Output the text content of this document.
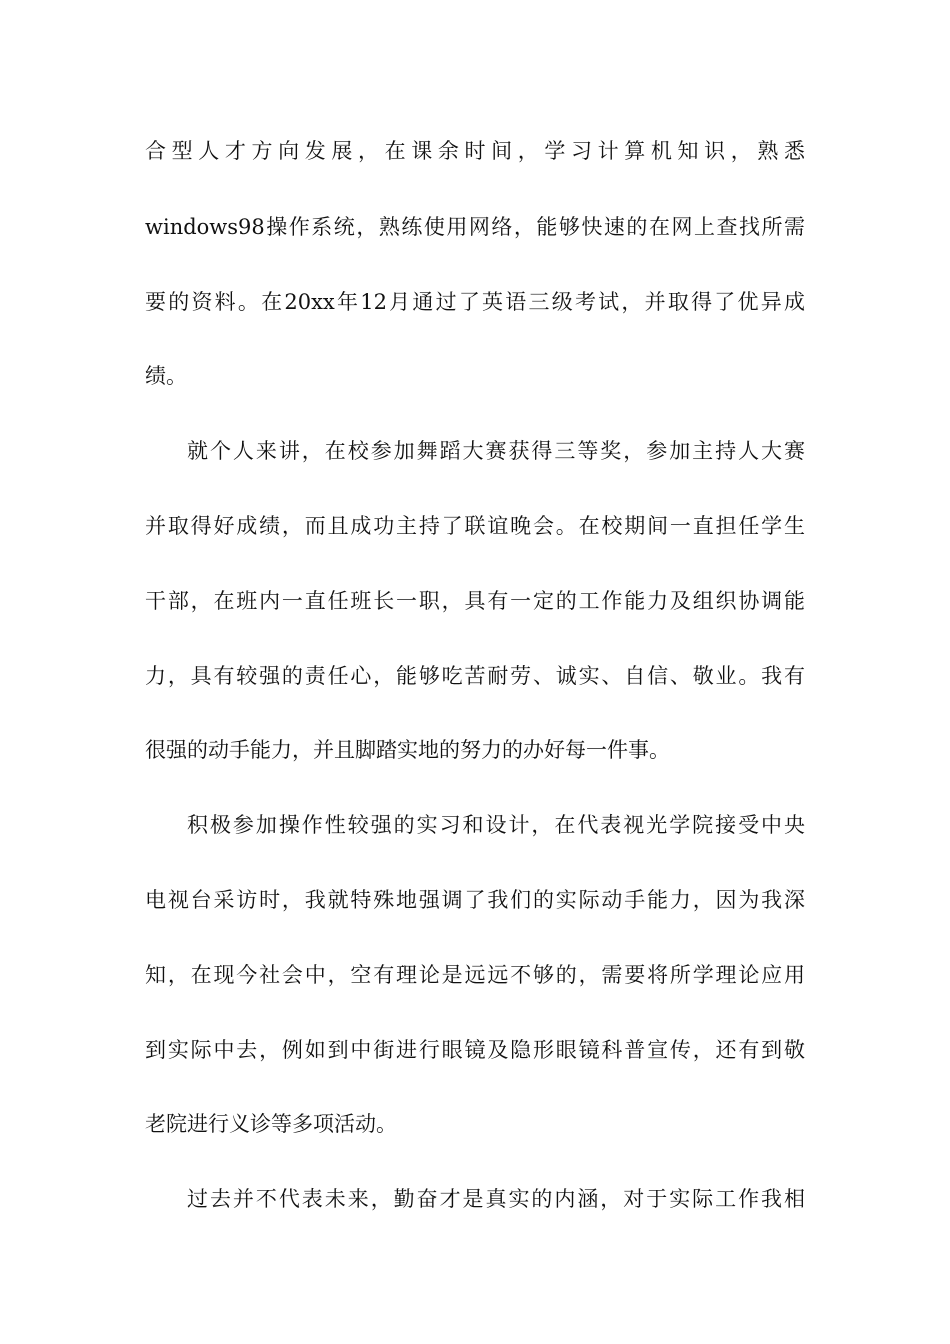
合型人才方向发展，在课余时间，学习计算机知识，熟悉
windows98操作系统，熟练使用网络，能够快速的在网上查找所需
要的资料。在20xx年12月通过了英语三级考试，并取得了优异成
绩。
就个人来讲，在校参加舞蹈大赛获得三等奖，参加主持人大赛
并取得好成绩，而且成功主持了联谊晚会。在校期间一直担任学生
干部，在班内一直任班长一职，具有一定的工作能力及组织协调能
力，具有较强的责任心，能够吃苦耐劳、诚实、自信、敬业。我有
很强的动手能力，并且脚踏实地的努力的办好每一件事。
积极参加操作性较强的实习和设计，在代表视光学院接受中央
电视台采访时，我就特殊地强调了我们的实际动手能力，因为我深
知，在现今社会中，空有理论是远远不够的，需要将所学理论应用
到实际中去，例如到中街进行眼镜及隐形眼镜科普宣传，还有到敬
老院进行义诊等多项活动。
过去并不代表未来，勤奋才是真实的内涵，对于实际工作我相
